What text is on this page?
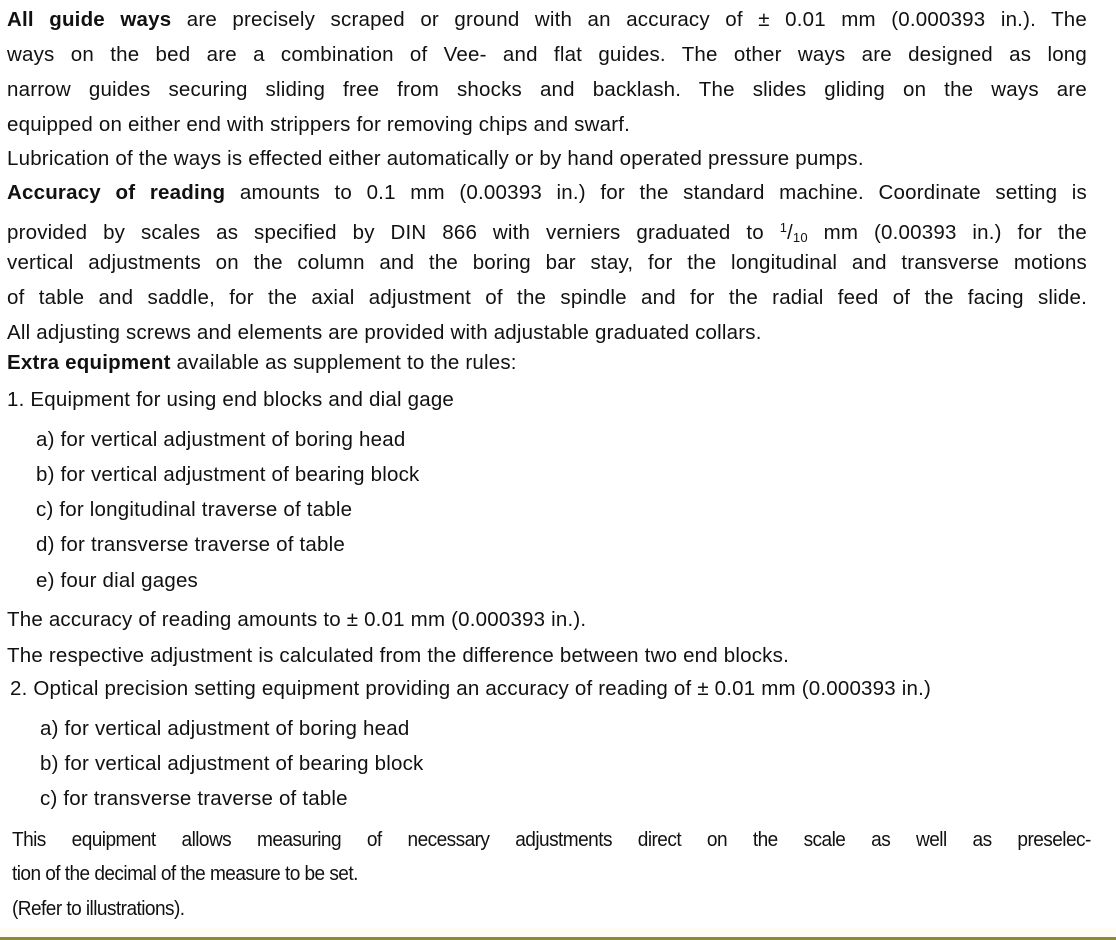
All guide ways are precisely scraped or ground with an accuracy of ± 0.01 mm (0.000393 in.). The
ways on the bed are a combination of Vee- and flat guides. The other ways are designed as long
narrow guides securing sliding free from shocks and backlash. The slides gliding on the ways are
equipped on either end with strippers for removing chips and swarf.
Lubrication of the ways is effected either automatically or by hand operated pressure pumps.
Accuracy of reading amounts to 0.1 mm (0.00393 in.) for the standard machine. Coordinate setting is
provided by scales as specified by DIN 866 with verniers graduated to $^1/_{10}$ mm (0.00393 in.) for the
vertical adjustments on the column and the boring bar stay, for the longitudinal and transverse motions
of table and saddle, for the axial adjustment of the spindle and for the radial feed of the facing slide.
All adjusting screws and elements are provided with adjustable graduated collars.
Extra equipment available as supplement to the rules:
1. Equipment for using end blocks and dial gage
a) for vertical adjustment of boring head
b) for vertical adjustment of bearing block
c) for longitudinal traverse of table
d) for transverse traverse of table
e) four dial gages
The accuracy of reading amounts to ± 0.01 mm (0.000393 in.).
The respective adjustment is calculated from the difference between two end blocks.
2. Optical precision setting equipment providing an accuracy of reading of ± 0.01 mm (0.000393 in.)
a) for vertical adjustment of boring head
b) for vertical adjustment of bearing block
c) for transverse traverse of table
This equipment allows measuring of necessary adjustments direct on the scale as well as preselec-
tion of the decimal of the measure to be set.
(Refer to illustrations).
